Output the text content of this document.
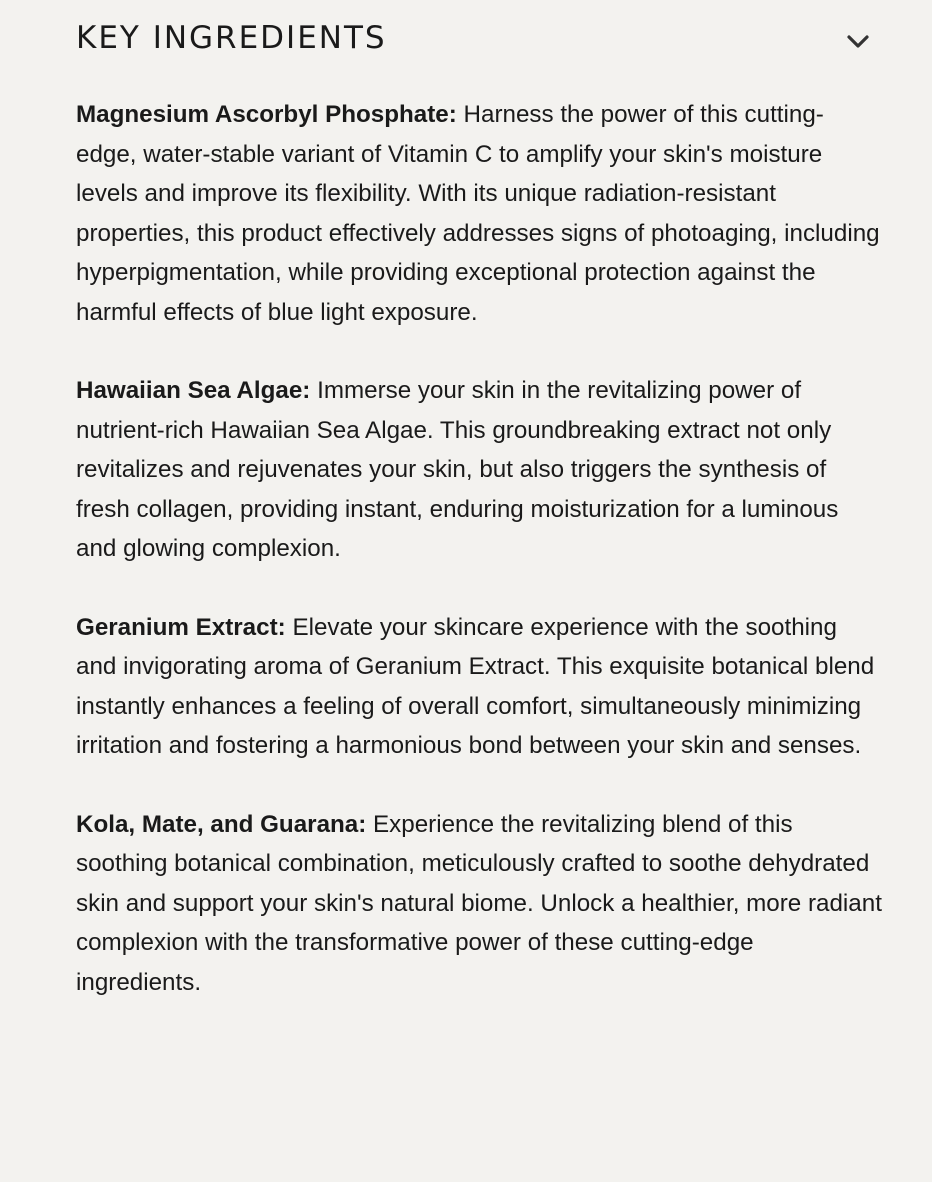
KEY INGREDIENTS

Magnesium Ascorbyl Phosphate: Harness the power of this cutting-edge, water-stable variant of Vitamin C to amplify your skin's moisture levels and improve its flexibility. With its unique radiation-resistant properties, this product effectively addresses signs of photoaging, including hyperpigmentation, while providing exceptional protection against the harmful effects of blue light exposure.

Hawaiian Sea Algae: Immerse your skin in the revitalizing power of nutrient-rich Hawaiian Sea Algae. This groundbreaking extract not only revitalizes and rejuvenates your skin, but also triggers the synthesis of fresh collagen, providing instant, enduring moisturization for a luminous and glowing complexion.

Geranium Extract: Elevate your skincare experience with the soothing and invigorating aroma of Geranium Extract. This exquisite botanical blend instantly enhances a feeling of overall comfort, simultaneously minimizing irritation and fostering a harmonious bond between your skin and senses.

Kola, Mate, and Guarana: Experience the revitalizing blend of this soothing botanical combination, meticulously crafted to soothe dehydrated skin and support your skin's natural biome. Unlock a healthier, more radiant complexion with the transformative power of these cutting-edge ingredients.
